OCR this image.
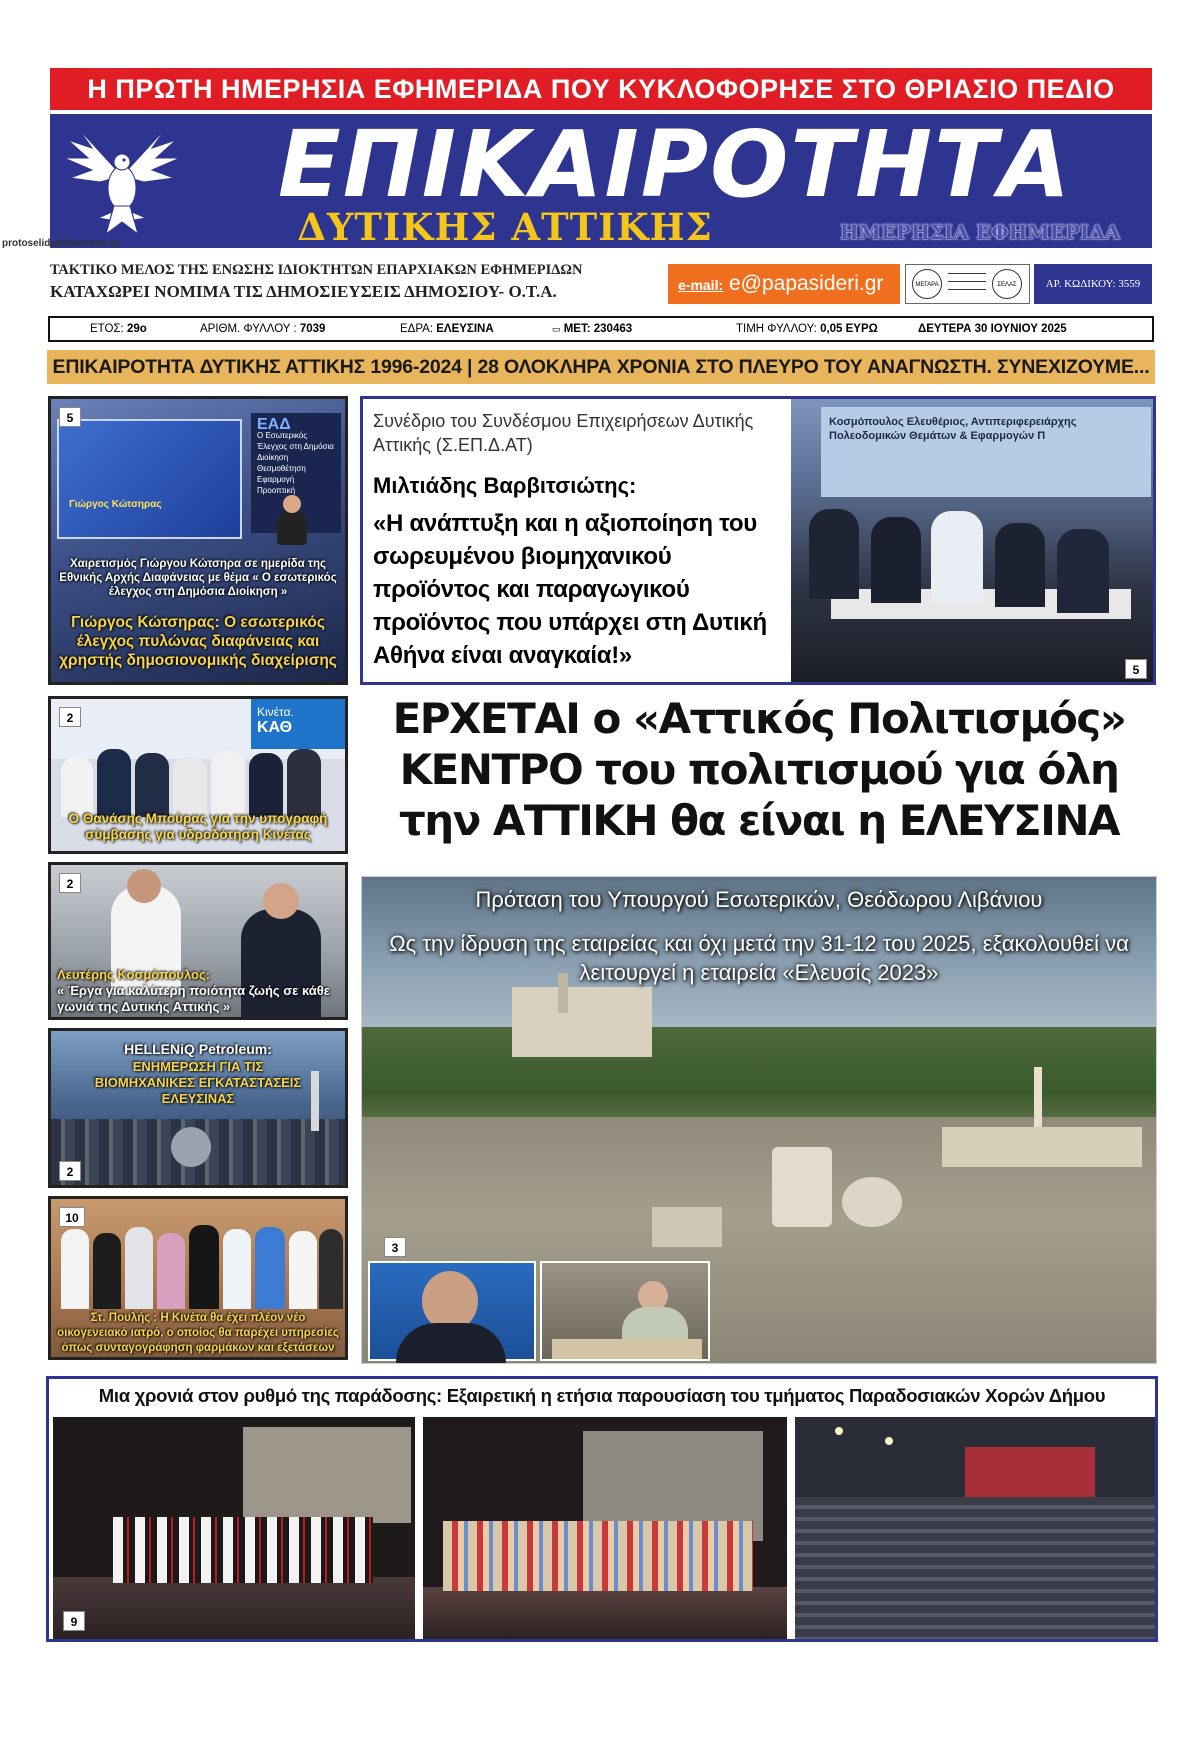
Η ΠΡΩΤΗ ΗΜΕΡΗΣΙΑ ΕΦΗΜΕΡΙΔΑ ΠΟΥ ΚΥΚΛΟΦΟΡΗΣΕ ΣΤΟ ΘΡΙΑΣΙΟ ΠΕΔΙΟ
ΕΠΙΚΑΙΡΟΤΗΤΑ
ΔΥΤΙΚΗΣ ΑΤΤΙΚΗΣ	ΗΜΕΡΗΣΙΑ ΕΦΗΜΕΡΙΔΑ
protoselidaefimeridon.gr
ΤΑΚΤΙΚΟ ΜΕΛΟΣ ΤΗΣ ΕΝΩΣΗΣ ΙΔΙΟΚΤΗΤΩΝ ΕΠΑΡΧΙΑΚΩΝ ΕΦΗΜΕΡΙΔΩΝ
ΚΑΤΑΧΩΡΕΙ ΝΟΜΙΜΑ ΤΙΣ ΔΗΜΟΣΙΕΥΣΕΙΣ ΔΗΜΟΣΙΟΥ- Ο.Τ.Α.	e-mail: e@papasideri.gr	ΜΕΓΑΡΑ	ΣΕΛΑΣ	ΑΡ. ΚΩΔΙΚΟΥ: 3559
ΕΤΟΣ: 29ο	ΑΡΙΘΜ. ΦΥΛΛΟΥ : 7039	ΕΔΡΑ: ΕΛΕΥΣΙΝΑ	▭ ΜΕΤ: 230463	ΤΙΜΗ ΦΥΛΛΟΥ: 0,05 ΕΥΡΩ	ΔΕΥΤΕΡΑ 30 ΙΟΥΝΙΟΥ 2025
ΕΠΙΚΑΙΡΟΤΗΤΑ ΔΥΤΙΚΗΣ ΑΤΤΙΚΗΣ 1996-2024 | 28 ΟΛΟΚΛΗΡΑ ΧΡΟΝΙΑ ΣΤΟ ΠΛΕΥΡΟ ΤΟΥ ΑΝΑΓΝΩΣΤΗ. ΣΥΝΕΧΙΖΟΥΜΕ...
Γιώργος Κώτσηρας
ΕΑΔ
Ο Εσωτερικός Έλεγχος στη Δημόσια Διοίκηση
Θεσμοθέτηση
Εφαρμογή
Προοπτική
5
Χαιρετισμός Γιώργου Κώτσηρα σε ημερίδα της Εθνικής Αρχής Διαφάνειας με θέμα « Ο εσωτερικός έλεγχος στη Δημόσια Διοίκηση »
Γιώργος Κώτσηρας: Ο εσωτερικός έλεγχος πυλώνας διαφάνειας και χρηστής δημοσιονομικής διαχείρισης
Κινέτα.
ΚΑΘ
2
Ο Θανάσης Μπούρας για την υπογραφή σύμβασης για υδροδότηση Κινέτας
2
Λευτέρης Κοσμόπουλος:
« Έργα για καλύτερη ποιότητα ζωής σε κάθε γωνιά της Δυτικής Αττικής »
2
HELLENiQ Petroleum:
ΕΝΗΜΕΡΩΣΗ ΓΙΑ ΤΙΣ ΒΙΟΜΗΧΑΝΙΚΕΣ ΕΓΚΑΤΑΣΤΑΣΕΙΣ ΕΛΕΥΣΙΝΑΣ
10
Στ. Πουλής : Η Κινέτα θα έχει πλέον νέο οικογενειακό ιατρό, ο οποίος θα παρέχει υπηρεσίες όπως συνταγογράφηση φαρμάκων και εξετάσεων
Συνέδριο του Συνδέσμου Επιχειρήσεων Δυτικής Αττικής (Σ.ΕΠ.Δ.ΑΤ)
Μιλτιάδης Βαρβιτσιώτης:
«Η ανάπτυξη και η αξιοποίηση του σωρευμένου βιομηχανικού προϊόντος και παραγωγικού προϊόντος που υπάρχει στη Δυτική Αθήνα είναι αναγκαία!»
Κοσμόπουλος Ελευθέριος, Αντιπεριφερειάρχης Πολεοδομικών Θεμάτων & Εφαρμογών Π
5
ΕΡΧΕΤΑΙ ο «Αττικός Πολιτισμός»
ΚΕΝΤΡΟ του πολιτισμού για όλη
την ΑΤΤΙΚΗ θα είναι η ΕΛΕΥΣΙΝΑ
Πρόταση του Υπουργού Εσωτερικών, Θεόδωρου Λιβάνιου
Ως την ίδρυση της εταιρείας και όχι μετά την 31-12 του 2025, εξακολουθεί να λειτουργεί η εταιρεία «Ελευσίς 2023»
3
Μια χρονιά στον ρυθμό της παράδοσης: Εξαιρετική η ετήσια παρουσίαση του τμήματος Παραδοσιακών Χορών Δήμου
9
